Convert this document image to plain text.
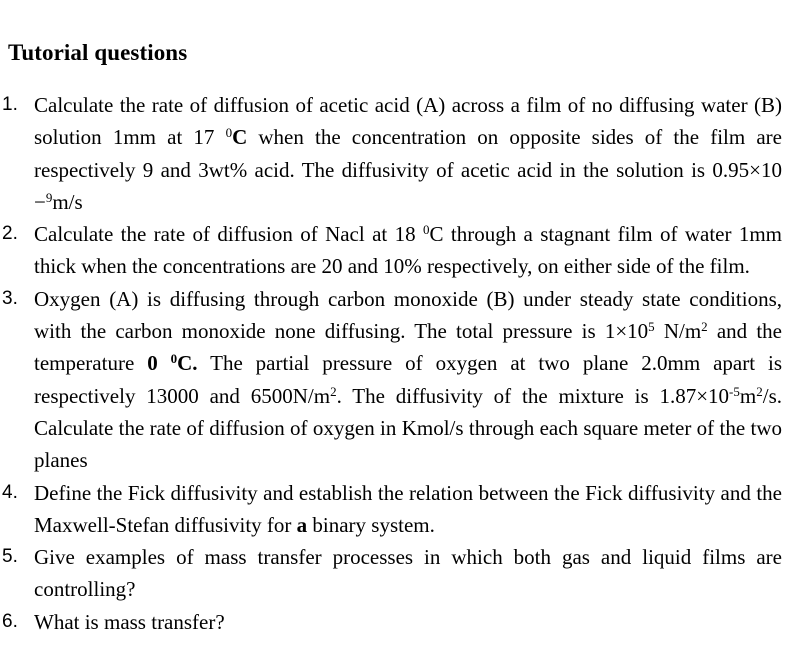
Tutorial questions
1. Calculate the rate of diffusion of acetic acid (A) across a film of no diffusing water (B) solution 1mm at 17 $^0$C when the concentration on opposite sides of the film are respectively 9 and 3wt% acid. The diffusivity of acetic acid in the solution is 0.95×10 −$^9$m/s
2. Calculate the rate of diffusion of Nacl at 18 $^0$C through a stagnant film of water 1mm thick when the concentrations are 20 and 10% respectively, on either side of the film.
3. Oxygen (A) is diffusing through carbon monoxide (B) under steady state conditions, with the carbon monoxide none diffusing. The total pressure is $1\times 10^5$ $N/m^2$ and the temperature 0 $^0$C. The partial pressure of oxygen at two plane 2.0mm apart is respectively 13000 and $6500N/m^2$. The diffusivity of the mixture is $1.87\times 10^{-5}m^2/s$. Calculate the rate of diffusion of oxygen in Kmol/s through each square meter of the two planes
4. Define the Fick diffusivity and establish the relation between the Fick diffusivity and the Maxwell-Stefan diffusivity for a binary system.
5. Give examples of mass transfer processes in which both gas and liquid films are controlling?
6. What is mass transfer?
